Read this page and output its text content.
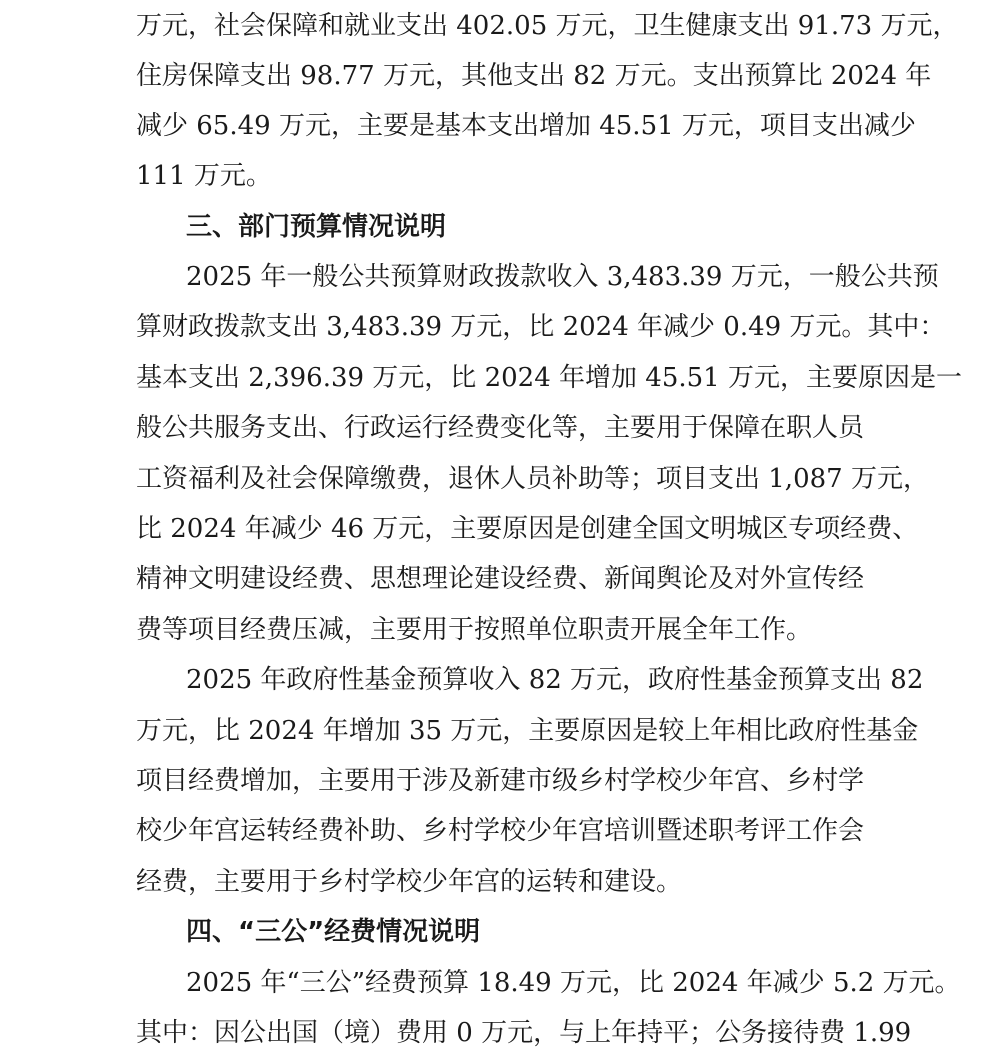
万元，社会保障和就业支出 402.05 万元，卫生健康支出 91.73 万元，
住房保障支出 98.77 万元，其他支出 82 万元。支出预算比 2024 年
减少 65.49 万元，主要是基本支出增加 45.51 万元，项目支出减少
111 万元。
三、部门预算情况说明
2025 年一般公共预算财政拨款收入 3,483.39 万元，一般公共预
算财政拨款支出 3,483.39 万元，比 2024 年减少 0.49 万元。其中：
基本支出 2,396.39 万元，比 2024 年增加 45.51 万元，主要原因是一
般公共服务支出、行政运行经费变化等，主要用于保障在职人员
工资福利及社会保障缴费，退休人员补助等；项目支出 1,087 万元，
比 2024 年减少 46 万元，主要原因是创建全国文明城区专项经费、
精神文明建设经费、思想理论建设经费、新闻舆论及对外宣传经
费等项目经费压减，主要用于按照单位职责开展全年工作。
2025 年政府性基金预算收入 82 万元，政府性基金预算支出 82
万元，比 2024 年增加 35 万元，主要原因是较上年相比政府性基金
项目经费增加，主要用于涉及新建市级乡村学校少年宫、乡村学
校少年宫运转经费补助、乡村学校少年宫培训暨述职考评工作会
经费，主要用于乡村学校少年宫的运转和建设。
四、“三公”经费情况说明
2025 年“三公”经费预算 18.49 万元，比 2024 年减少 5.2 万元。
其中：因公出国（境）费用 0 万元，与上年持平；公务接待费 1.99
